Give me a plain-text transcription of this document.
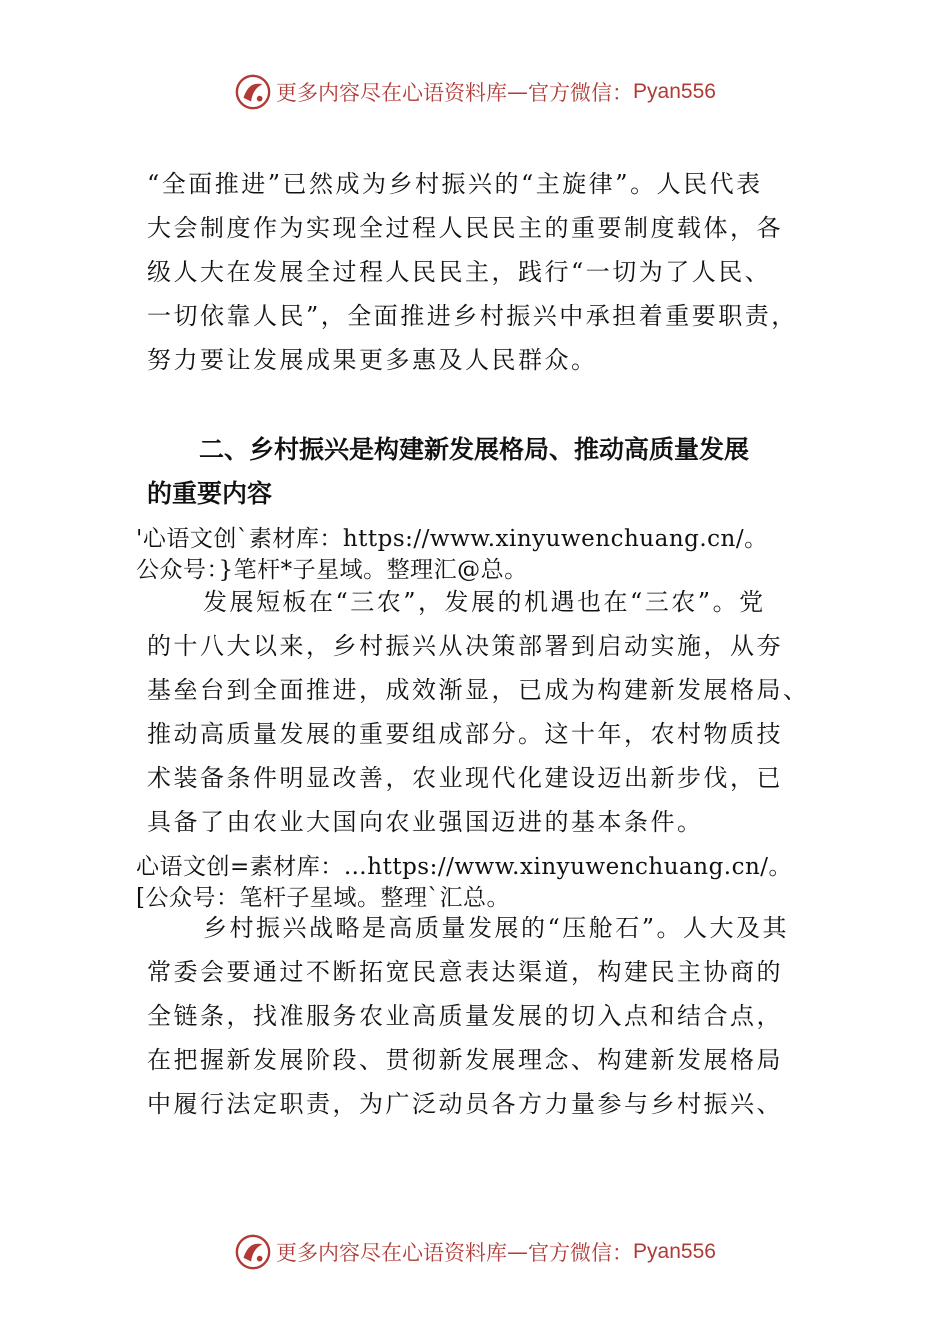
更多内容尽在心语资料库 — 官方微信： Pyan556
“全面推进”已然成为乡村振兴的“主旋律”。人民代表
大会制度作为实现全过程人民民主的重要制度载体，各
级人大在发展全过程人民民主，践行“一切为了人民、
一切依靠人民”，全面推进乡村振兴中承担着重要职责，
努力要让发展成果更多惠及人民群众。
二、乡村振兴是构建新发展格局、推动高质量发展
的重要内容
'心语文创`素材库：https://www.xinyuwenchuang.cn/。
公众号：}笔杆*子星域。整理汇@总。
发展短板在“三农”，发展的机遇也在“三农”。党
的十八大以来，乡村振兴从决策部署到启动实施，从夯
基垒台到全面推进，成效渐显，已成为构建新发展格局、
推动高质量发展的重要组成部分。这十年，农村物质技
术装备条件明显改善，农业现代化建设迈出新步伐，已
具备了由农业大国向农业强国迈进的基本条件。
心语文创=素材库：…https://www.xinyuwenchuang.cn/。
[公众号：笔杆子星域。整理`汇总。
乡村振兴战略是高质量发展的“压舱石”。人大及其
常委会要通过不断拓宽民意表达渠道，构建民主协商的
全链条，找准服务农业高质量发展的切入点和结合点，
在把握新发展阶段、贯彻新发展理念、构建新发展格局
中履行法定职责，为广泛动员各方力量参与乡村振兴、
更多内容尽在心语资料库 — 官方微信： Pyan556
